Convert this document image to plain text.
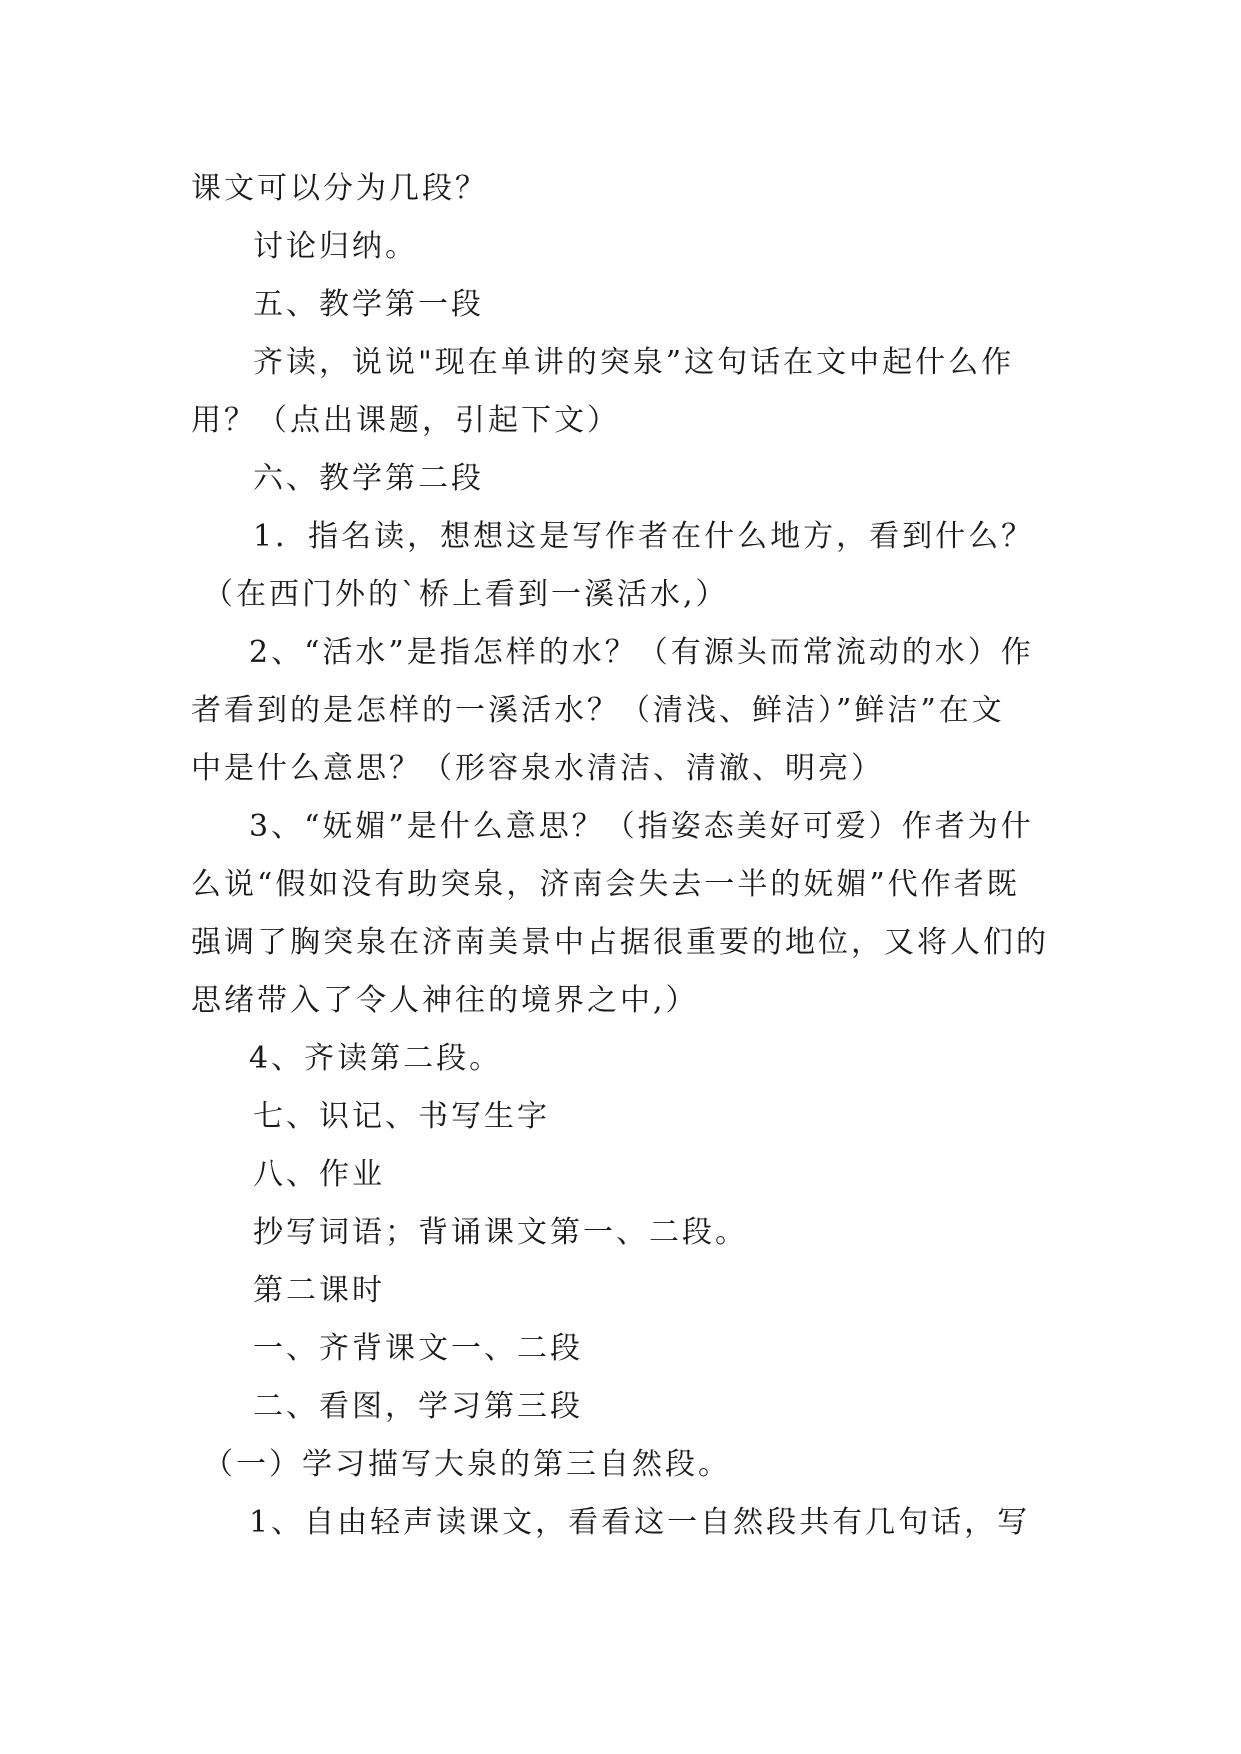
课文可以分为几段？
讨论归纳。
五、教学第一段
齐读，说说"现在单讲的突泉”这句话在文中起什么作
用？（点出课题，引起下文）
六、教学第二段
1．指名读，想想这是写作者在什么地方，看到什么？
（在西门外的`桥上看到一溪活水,）
2、“活水”是指怎样的水？（有源头而常流动的水）作
者看到的是怎样的一溪活水？（清浅、鲜洁）”鲜洁”在文
中是什么意思？（形容泉水清洁、清澈、明亮）
3、“妩媚”是什么意思？（指姿态美好可爱）作者为什
么说“假如没有助突泉，济南会失去一半的妩媚”代作者既
强调了胸突泉在济南美景中占据很重要的地位，又将人们的
思绪带入了令人神往的境界之中,）
4、齐读第二段。
七、识记、书写生字
八、作业
抄写词语；背诵课文第一、二段。
第二课时
一、齐背课文一、二段
二、看图，学习第三段
（一）学习描写大泉的第三自然段。
1、自由轻声读课文，看看这一自然段共有几句话，写
